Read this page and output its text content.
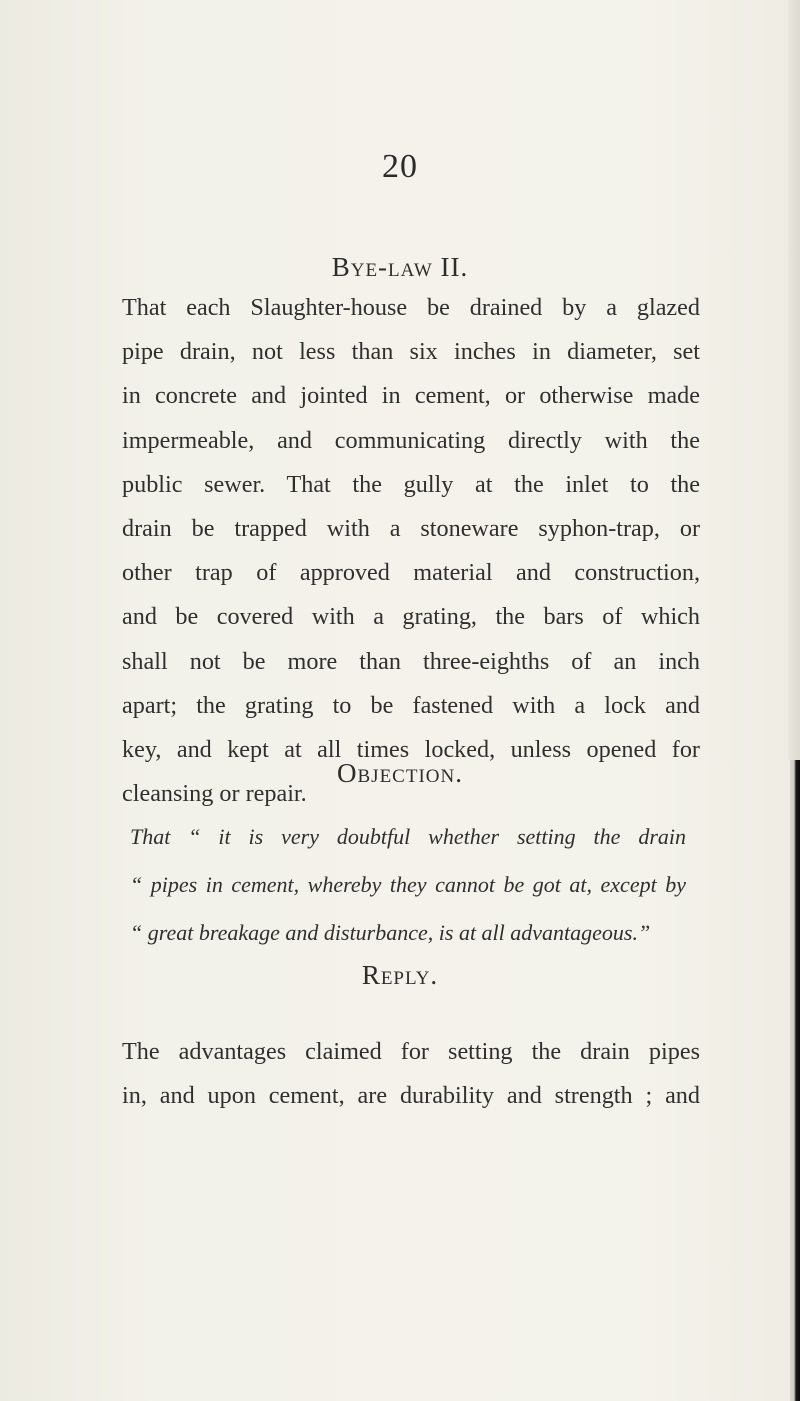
20
Bye-law II.
That each Slaughter-house be drained by a glazed
pipe drain, not less than six inches in diameter, set
in concrete and jointed in cement, or otherwise made
impermeable, and communicating directly with the
public sewer. That the gully at the inlet to the
drain be trapped with a stoneware syphon-trap, or
other trap of approved material and construction,
and be covered with a grating, the bars of which
shall not be more than three-eighths of an inch
apart; the grating to be fastened with a lock and
key, and kept at all times locked, unless opened for
cleansing or repair.
Objection.
That “ it is very doubtful whether setting the drain
“ pipes in cement, whereby they cannot be got at, except by
“ great breakage and disturbance, is at all advantageous.”
Reply.
The advantages claimed for setting the drain pipes
in, and upon cement, are durability and strength ; and
